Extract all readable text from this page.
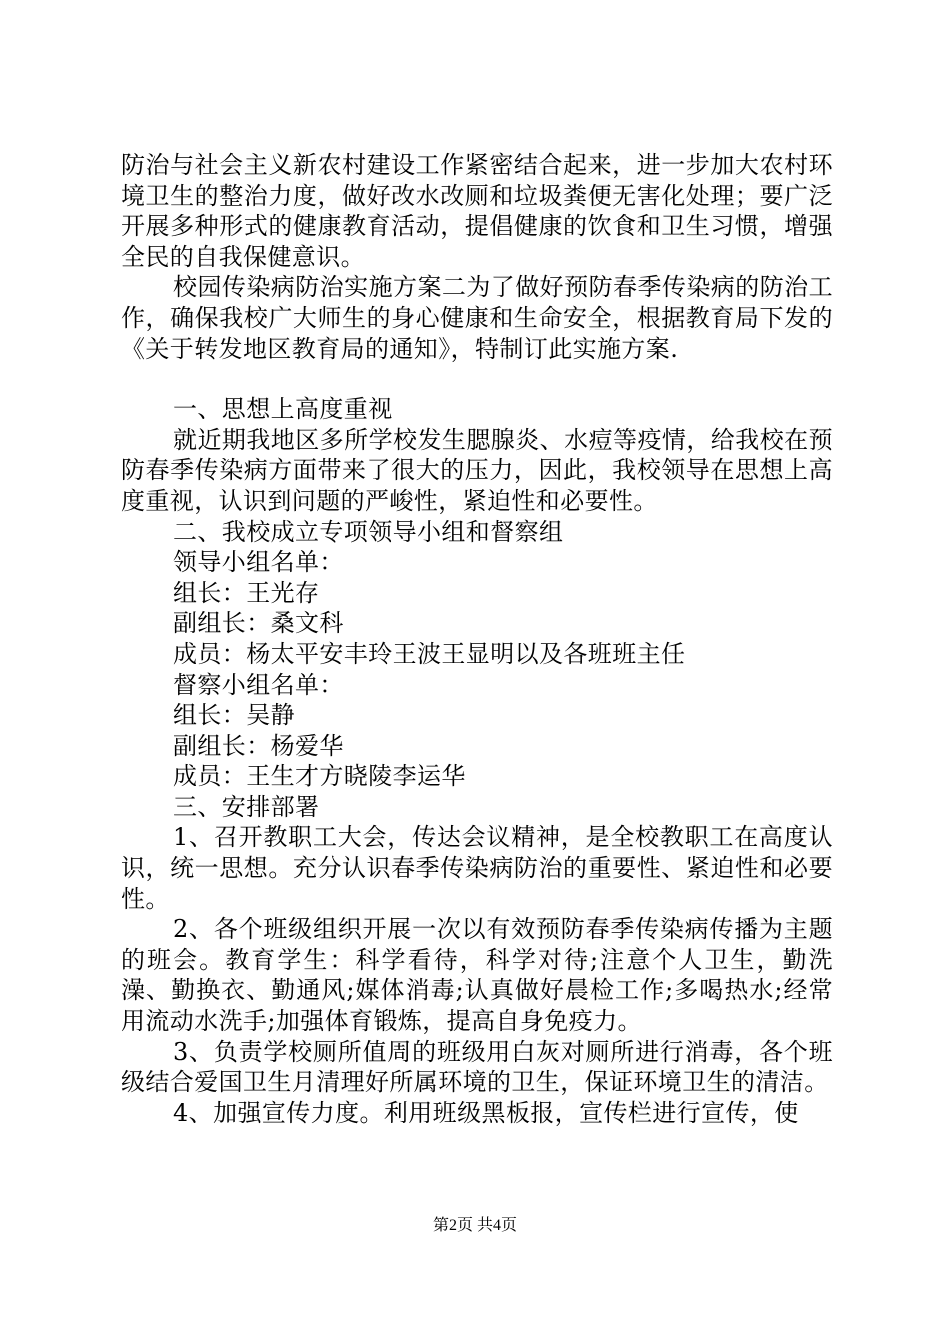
防治与社会主义新农村建设工作紧密结合起来，进一步加大农村环境卫生的整治力度，做好改水改厕和垃圾粪便无害化处理；要广泛开展多种形式的健康教育活动，提倡健康的饮食和卫生习惯，增强全民的自我保健意识。

校园传染病防治实施方案二为了做好预防春季传染病的防治工作，确保我校广大师生的身心健康和生命安全，根据教育局下发的《关于转发地区教育局的通知》，特制订此实施方案.

一、思想上高度重视

就近期我地区多所学校发生腮腺炎、水痘等疫情，给我校在预防春季传染病方面带来了很大的压力，因此，我校领导在思想上高度重视，认识到问题的严峻性，紧迫性和必要性。

二、我校成立专项领导小组和督察组

领导小组名单：

组长：王光存

副组长：桑文科

成员：杨太平安丰玲王波王显明以及各班班主任

督察小组名单：

组长：吴静

副组长：杨爱华

成员：王生才方晓陵李运华

三、安排部署

1、召开教职工大会，传达会议精神，是全校教职工在高度认识，统一思想。充分认识春季传染病防治的重要性、紧迫性和必要性。

2、各个班级组织开展一次以有效预防春季传染病传播为主题的班会。教育学生：科学看待，科学对待;注意个人卫生，勤洗澡、勤换衣、勤通风;媒体消毒;认真做好晨检工作;多喝热水;经常用流动水洗手;加强体育锻炼，提高自身免疫力。

3、负责学校厕所值周的班级用白灰对厕所进行消毒，各个班级结合爱国卫生月清理好所属环境的卫生，保证环境卫生的清洁。

4、加强宣传力度。利用班级黑板报，宣传栏进行宣传，使

第2页 共4页
